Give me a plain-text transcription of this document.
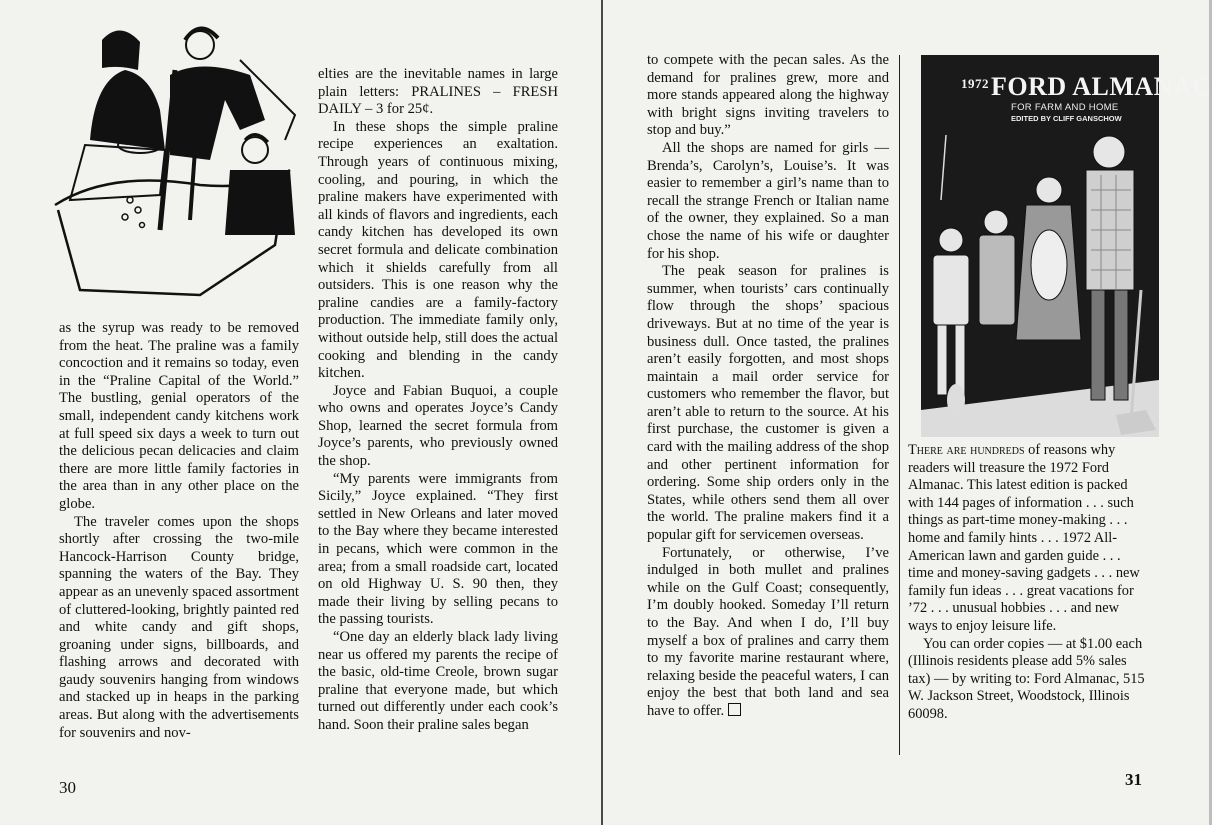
as the syrup was ready to be removed from the heat. The praline was a family concoction and it remains so today, even in the “Praline Capital of the World.” The bustling, genial operators of the small, independent candy kitchens work at full speed six days a week to turn out the delicious pecan delicacies and claim there are more little family factories in the area than in any other place on the globe.

The traveler comes upon the shops shortly after crossing the two-mile Hancock-Harrison County bridge, spanning the waters of the Bay. They appear as an unevenly spaced assortment of cluttered-looking, brightly painted red and white candy and gift shops, groaning under signs, billboards, and flashing arrows and decorated with gaudy souvenirs hanging from windows and stacked up in heaps in the parking areas. But along with the advertisements for souvenirs and nov-

elties are the inevitable names in large plain letters: PRALINES – FRESH DAILY – 3 for 25¢.

In these shops the simple praline recipe experiences an exaltation. Through years of continuous mixing, cooling, and pouring, in which the praline makers have experimented with all kinds of flavors and ingredients, each candy kitchen has developed its own secret formula and delicate combination which it shields carefully from all outsiders. This is one reason why the praline candies are a family-factory production. The immediate family only, without outside help, still does the actual cooking and blending in the candy kitchen.

Joyce and Fabian Buquoi, a couple who owns and operates Joyce’s Candy Shop, learned the secret formula from Joyce’s parents, who previously owned the shop.

“My parents were immigrants from Sicily,” Joyce explained. “They first settled in New Orleans and later moved to the Bay where they became interested in pecans, which were common in the area; from a small roadside cart, located on old Highway U. S. 90 then, they made their living by selling pecans to the passing tourists.

“One day an elderly black lady living near us offered my parents the recipe of the basic, old-time Creole, brown sugar praline that everyone made, but which turned out differently under each cook’s hand. Soon their praline sales began

30

to compete with the pecan sales. As the demand for pralines grew, more and more stands appeared along the highway with bright signs inviting travelers to stop and buy.”

All the shops are named for girls —Brenda’s, Carolyn’s, Louise’s. It was easier to remember a girl’s name than to recall the strange French or Italian name of the owner, they explained. So a man chose the name of his wife or daughter for his shop.

The peak season for pralines is summer, when tourists’ cars continually flow through the shops’ spacious driveways. But at no time of the year is business dull. Once tasted, the pralines aren’t easily forgotten, and most shops maintain a mail order service for customers who remember the flavor, but aren’t able to return to the source. At his first purchase, the customer is given a card with the mailing address of the shop and other pertinent information for ordering. Some ship orders only in the States, while others send them all over the world. The praline makers find it a popular gift for servicemen overseas.

Fortunately, or otherwise, I’ve indulged in both mullet and pralines while on the Gulf Coast; consequently, I’m doubly hooked. Someday I’ll return to the Bay. And when I do, I’ll buy myself a box of pralines and carry them to my favorite marine restaurant where, relaxing beside the peaceful waters, I can enjoy the best that both land and sea have to offer.

31
$^{1972}$FORD ALMANAC
FOR FARM AND HOME
EDITED BY CLIFF GANSCHOW

There are hundreds of reasons why readers will treasure the 1972 Ford Almanac. This latest edition is packed with 144 pages of information . . . such things as part-time money-making . . . home and family hints . . . 1972 All-American lawn and garden guide . . . time and money-saving gadgets . . . new family fun ideas . . . great vacations for ’72 . . . unusual hobbies . . . and new ways to enjoy leisure life.

You can order copies — at $1.00 each (Illinois residents please add 5% sales tax) — by writing to: Ford Almanac, 515 W. Jackson Street, Woodstock, Illinois 60098.
